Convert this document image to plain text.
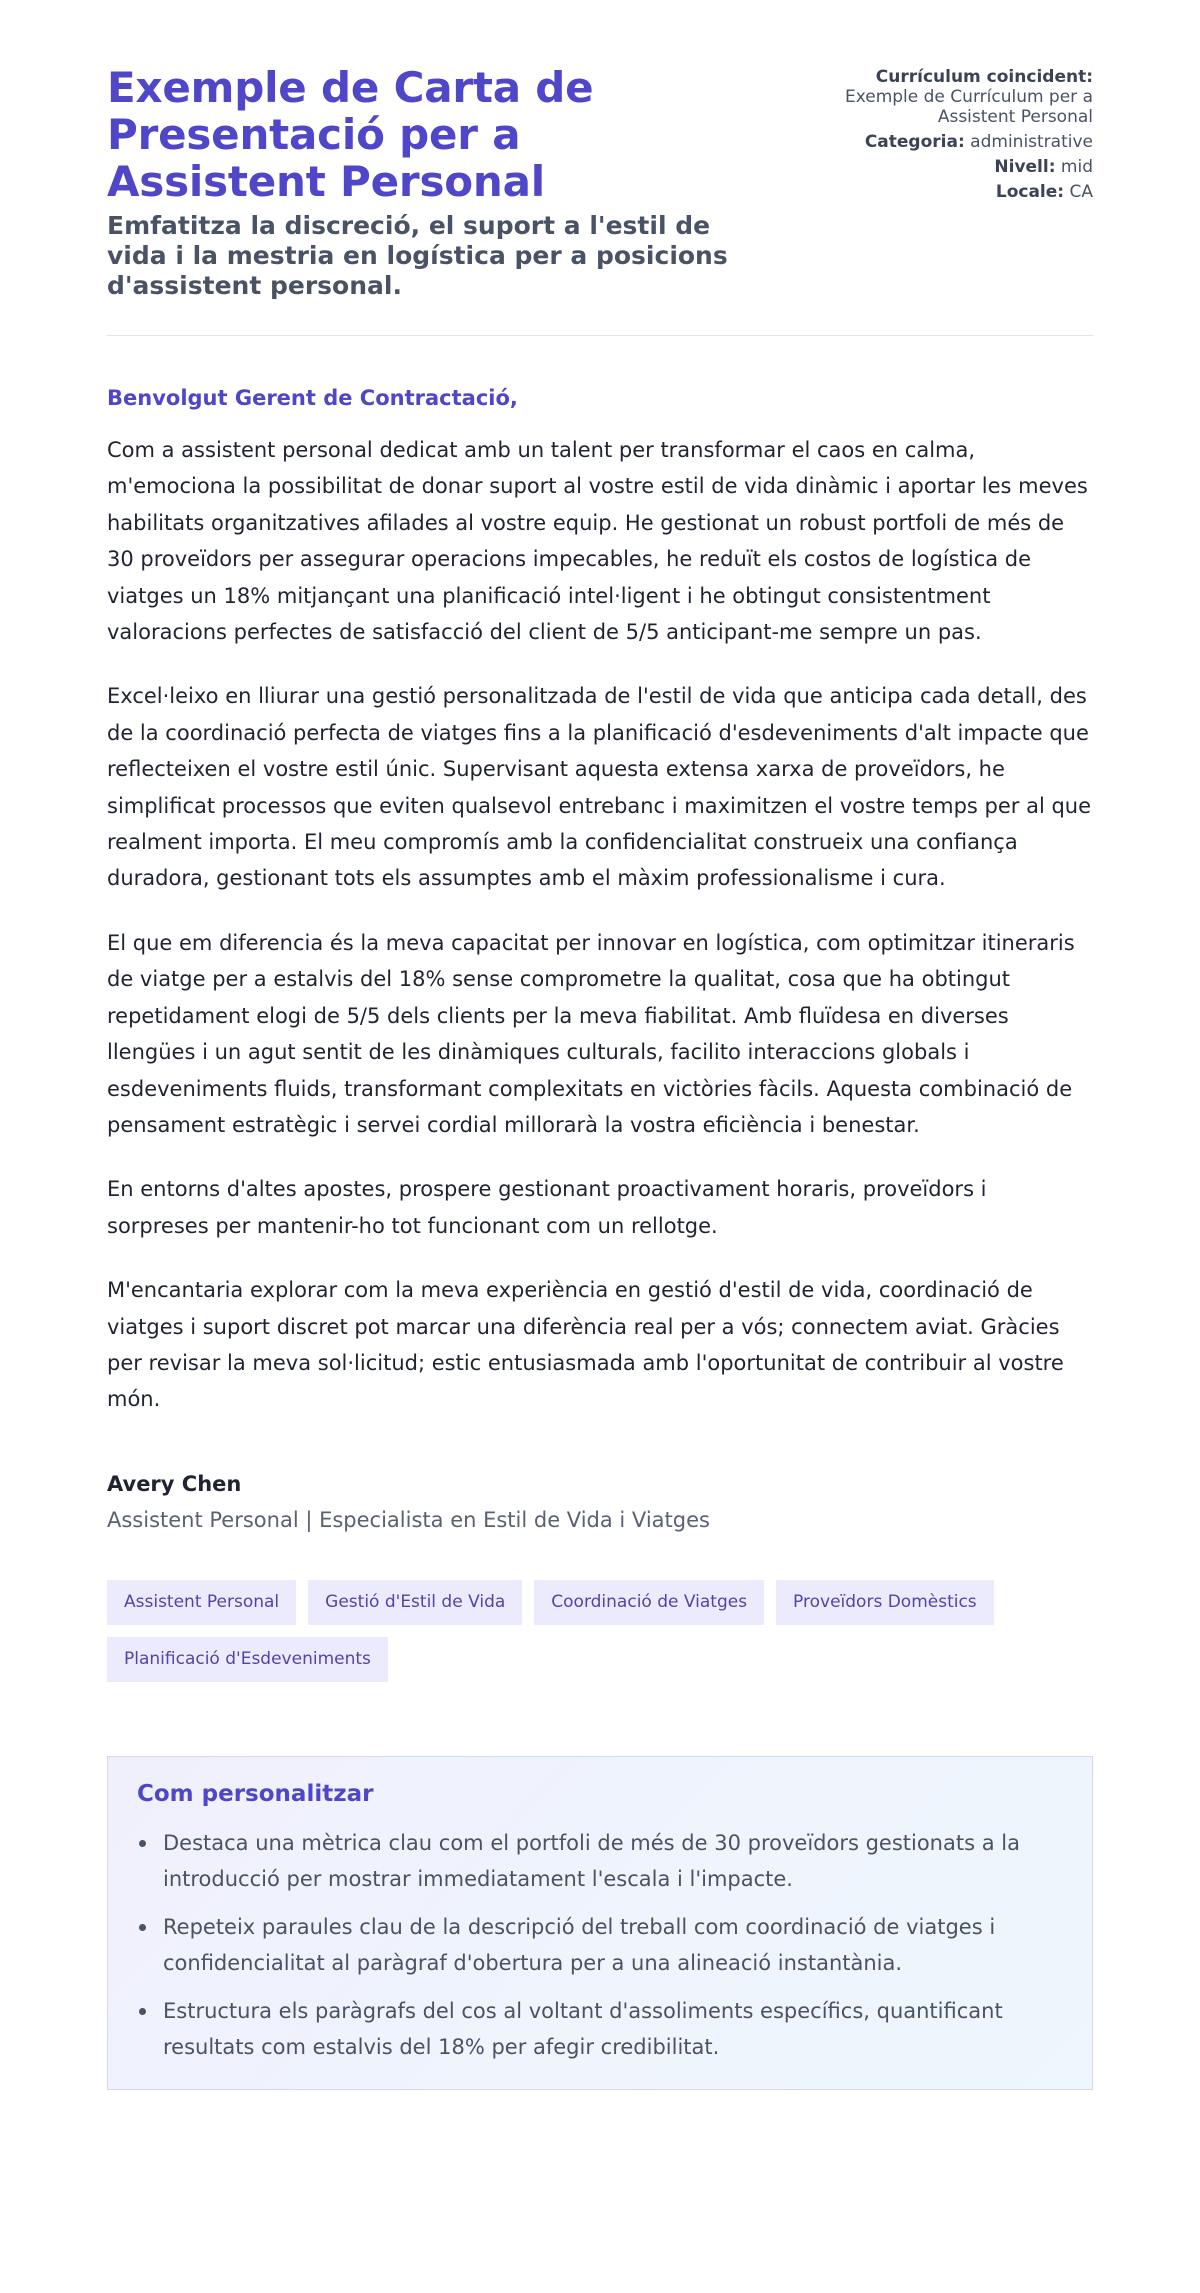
Exemple de Carta de Presentació per a Assistent Personal
Emfatitza la discreció, el suport a l'estil de vida i la mestria en logística per a posicions d'assistent personal.
Currículum coincident:
Exemple de Currículum per a Assistent Personal
Categoria: administrative
Nivell: mid
Locale: CA
Benvolgut Gerent de Contractació,

Com a assistent personal dedicat amb un talent per transformar el caos en calma, m'emociona la possibilitat de donar suport al vostre estil de vida dinàmic i aportar les meves habilitats organitzatives afilades al vostre equip. He gestionat un robust portfoli de més de 30 proveïdors per assegurar operacions impecables, he reduït els costos de logística de viatges un 18% mitjançant una planificació intel·ligent i he obtingut consistentment valoracions perfectes de satisfacció del client de 5/5 anticipant-me sempre un pas.

Excel·leixo en lliurar una gestió personalitzada de l'estil de vida que anticipa cada detall, des de la coordinació perfecta de viatges fins a la planificació d'esdeveniments d'alt impacte que reflecteixen el vostre estil únic. Supervisant aquesta extensa xarxa de proveïdors, he simplificat processos que eviten qualsevol entrebanc i maximitzen el vostre temps per al que realment importa. El meu compromís amb la confidencialitat construeix una confiança duradora, gestionant tots els assumptes amb el màxim professionalisme i cura.

El que em diferencia és la meva capacitat per innovar en logística, com optimitzar itineraris de viatge per a estalvis del 18% sense comprometre la qualitat, cosa que ha obtingut repetidament elogi de 5/5 dels clients per la meva fiabilitat. Amb fluïdesa en diverses llengües i un agut sentit de les dinàmiques culturals, facilito interaccions globals i esdeveniments fluids, transformant complexitats en victòries fàcils. Aquesta combinació de pensament estratègic i servei cordial millorarà la vostra eficiència i benestar.

En entorns d'altes apostes, prospere gestionant proactivament horaris, proveïdors i sorpreses per mantenir-ho tot funcionant com un rellotge.

M'encantaria explorar com la meva experiència en gestió d'estil de vida, coordinació de viatges i suport discret pot marcar una diferència real per a vós; connectem aviat. Gràcies per revisar la meva sol·licitud; estic entusiasmada amb l'oportunitat de contribuir al vostre món.

Avery Chen
Assistent Personal | Especialista en Estil de Vida i Viatges
Assistent Personal	Gestió d'Estil de Vida	Coordinació de Viatges	Proveïdors Domèstics
Planificació d'Esdeveniments
Com personalitzar
Destaca una mètrica clau com el portfoli de més de 30 proveïdors gestionats a la introducció per mostrar immediatament l'escala i l'impacte.
Repeteix paraules clau de la descripció del treball com coordinació de viatges i confidencialitat al paràgraf d'obertura per a una alineació instantània.
Estructura els paràgrafs del cos al voltant d'assoliments específics, quantificant resultats com estalvis del 18% per afegir credibilitat.
